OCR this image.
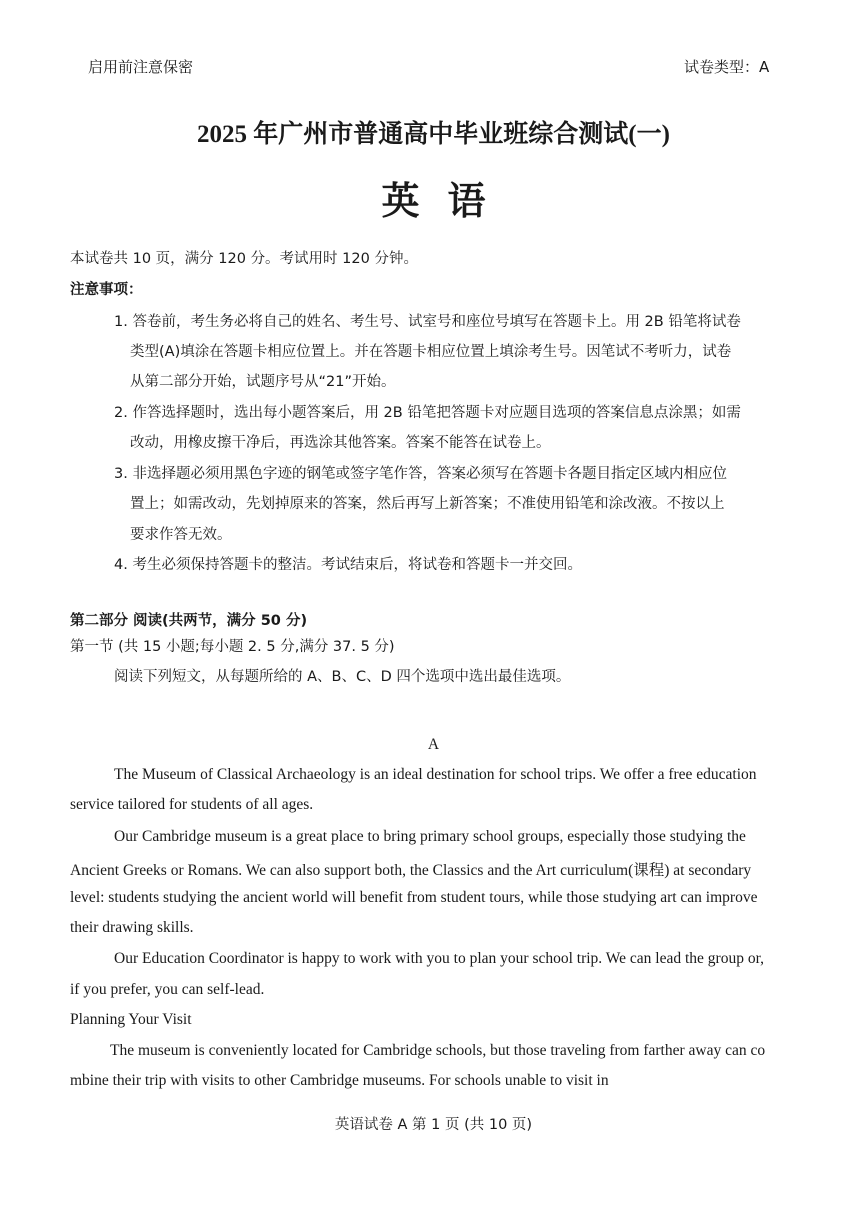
启用前注意保密	试卷类型：A
2025 年广州市普通高中毕业班综合测试(一)
英 语
本试卷共 10 页，满分 120 分。考试用时 120 分钟。
注意事项：
1. 答卷前，考生务必将自己的姓名、考生号、试室号和座位号填写在答题卡上。用 2B 铅笔将试卷
类型(A)填涂在答题卡相应位置上。并在答题卡相应位置上填涂考生号。因笔试不考听力，试卷
从第二部分开始，试题序号从“21”开始。
2. 作答选择题时，选出每小题答案后，用 2B 铅笔把答题卡对应题目选项的答案信息点涂黑；如需
改动，用橡皮擦干净后，再选涂其他答案。答案不能答在试卷上。
3. 非选择题必须用黑色字迹的钢笔或签字笔作答，答案必须写在答题卡各题目指定区域内相应位
置上；如需改动，先划掉原来的答案，然后再写上新答案；不准使用铅笔和涂改液。不按以上
要求作答无效。
4. 考生必须保持答题卡的整洁。考试结束后，将试卷和答题卡一并交回。
第二部分 阅读(共两节，满分 50 分)
第一节 (共 15 小题;每小题 2. 5 分,满分 37. 5 分)
阅读下列短文，从每题所给的 A、B、C、D 四个选项中选出最佳选项。
A
The Museum of Classical Archaeology is an ideal destination for school trips. We offer a free education
service tailored for students of all ages.
Our Cambridge museum is a great place to bring primary school groups, especially those studying the
Ancient Greeks or Romans. We can also support both, the Classics and the Art curriculum(课程) at secondary
level: students studying the ancient world will benefit from student tours, while those studying art can improve
their drawing skills.
Our Education Coordinator is happy to work with you to plan your school trip. We can lead the group or,
if you prefer, you can self-lead.
Planning Your Visit
The museum is conveniently located for Cambridge schools, but those traveling from farther away can co
mbine their trip with visits to other Cambridge museums. For schools unable to visit in
英语试卷 A 第 1 页 (共 10 页)
